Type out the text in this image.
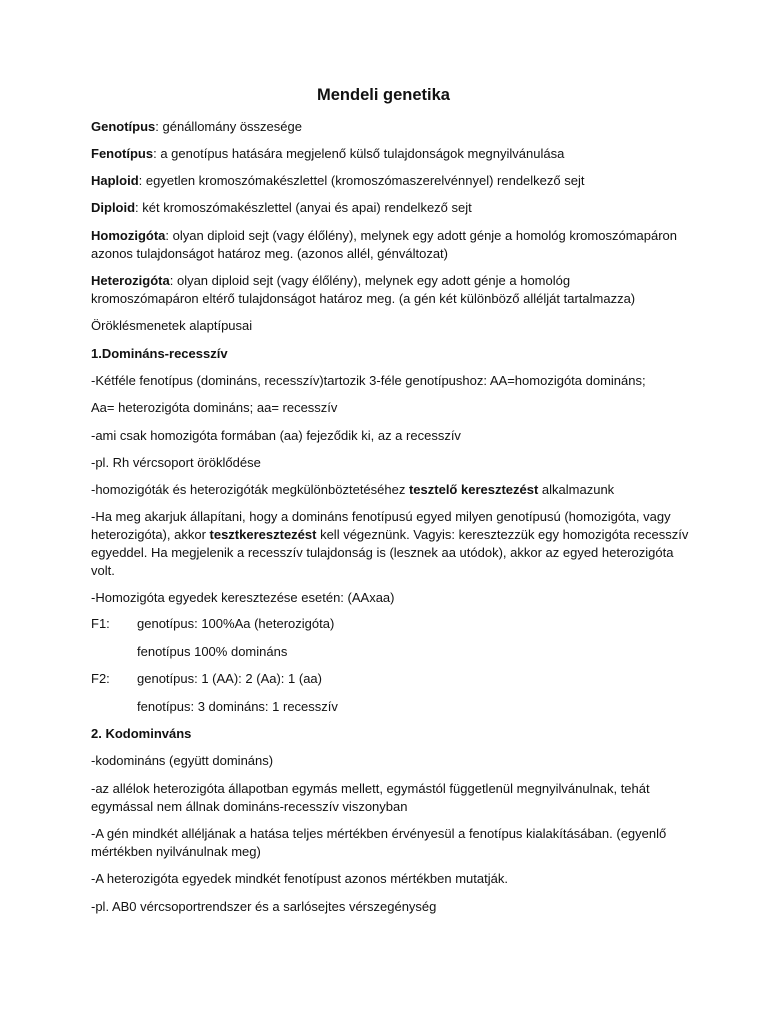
Mendeli genetika
Genotípus: génállomány összesége
Fenotípus: a genotípus hatására megjelenő külső tulajdonságok megnyilvánulása
Haploid: egyetlen kromoszómakészlettel (kromoszómaszerelvénnyel) rendelkező sejt
Diploid: két kromoszómakészlettel (anyai és apai) rendelkező sejt
Homozigóta: olyan diploid sejt (vagy élőlény), melynek egy adott génje a homológ kromoszómapáron
azonos tulajdonságot határoz meg. (azonos allél, génváltozat)
Heterozigóta: olyan diploid sejt (vagy élőlény), melynek egy adott génje a homológ
kromoszómapáron eltérő tulajdonságot határoz meg. (a gén két különböző allélját tartalmazza)
Öröklésmenetek alaptípusai
1.Domináns-recesszív
-Kétféle fenotípus (domináns, recesszív)tartozik 3-féle genotípushoz: AA=homozigóta domináns;
Aa= heterozigóta domináns; aa= recesszív
-ami csak homozigóta formában (aa) fejeződik ki, az a recesszív
-pl. Rh vércsoport öröklődése
-homozigóták és heterozigóták megkülönböztetéséhez tesztelő keresztezést alkalmazunk
-Ha meg akarjuk állapítani, hogy a domináns fenotípusú egyed milyen genotípusú (homozigóta, vagy
heterozigóta), akkor tesztkeresztezést kell végeznünk. Vagyis: keresztezzük egy homozigóta recesszív
egyeddel. Ha megjelenik a recesszív tulajdonság is (lesznek aa utódok), akkor az egyed heterozigóta
volt.
-Homozigóta egyedek keresztezése esetén: (AAxaa)
F1: genotípus: 100%Aa (heterozigóta)
fenotípus 100% domináns
F2: genotípus: 1 (AA): 2 (Aa): 1 (aa)
fenotípus: 3 domináns: 1 recesszív
2. Kodominváns
-kodomináns (együtt domináns)
-az allélok heterozigóta állapotban egymás mellett, egymástól függetlenül megnyilvánulnak, tehát
egymással nem állnak domináns-recesszív viszonyban
-A gén mindkét alléljának a hatása teljes mértékben érvényesül a fenotípus kialakításában. (egyenlő
mértékben nyilvánulnak meg)
-A heterozigóta egyedek mindkét fenotípust azonos mértékben mutatják.
-pl. AB0 vércsoportrendszer és a sarlósejtes vérszegénység
